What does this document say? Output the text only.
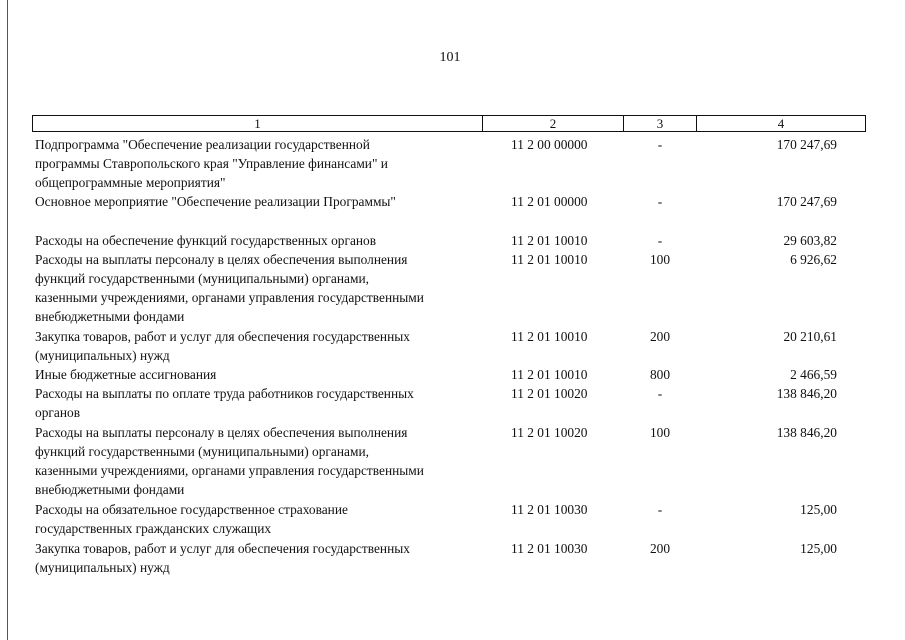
101
1	2	3	4
Подпрограмма "Обеспечение реализации государственной
программы Ставропольского края "Управление финансами" и
общепрограммные мероприятия"
11 2 00 00000	-	170 247,69
Основное мероприятие "Обеспечение реализации Программы"	11 2 01 00000	-	170 247,69
Расходы на обеспечение функций государственных органов	11 2 01 10010	-	29 603,82
Расходы на выплаты персоналу в целях обеспечения выполнения
функций государственными (муниципальными) органами,
казенными учреждениями, органами управления государственными
внебюджетными фондами
11 2 01 10010	100	6 926,62
Закупка товаров, работ и услуг для обеспечения государственных
(муниципальных) нужд
11 2 01 10010	200	20 210,61
Иные бюджетные ассигнования	11 2 01 10010	800	2 466,59
Расходы на выплаты по оплате труда работников государственных
органов
11 2 01 10020	-	138 846,20
Расходы на выплаты персоналу в целях обеспечения выполнения
функций государственными (муниципальными) органами,
казенными учреждениями, органами управления государственными
внебюджетными фондами
11 2 01 10020	100	138 846,20
Расходы на обязательное государственное страхование
государственных гражданских служащих
11 2 01 10030	-	125,00
Закупка товаров, работ и услуг для обеспечения государственных
(муниципальных) нужд
11 2 01 10030	200	125,00
